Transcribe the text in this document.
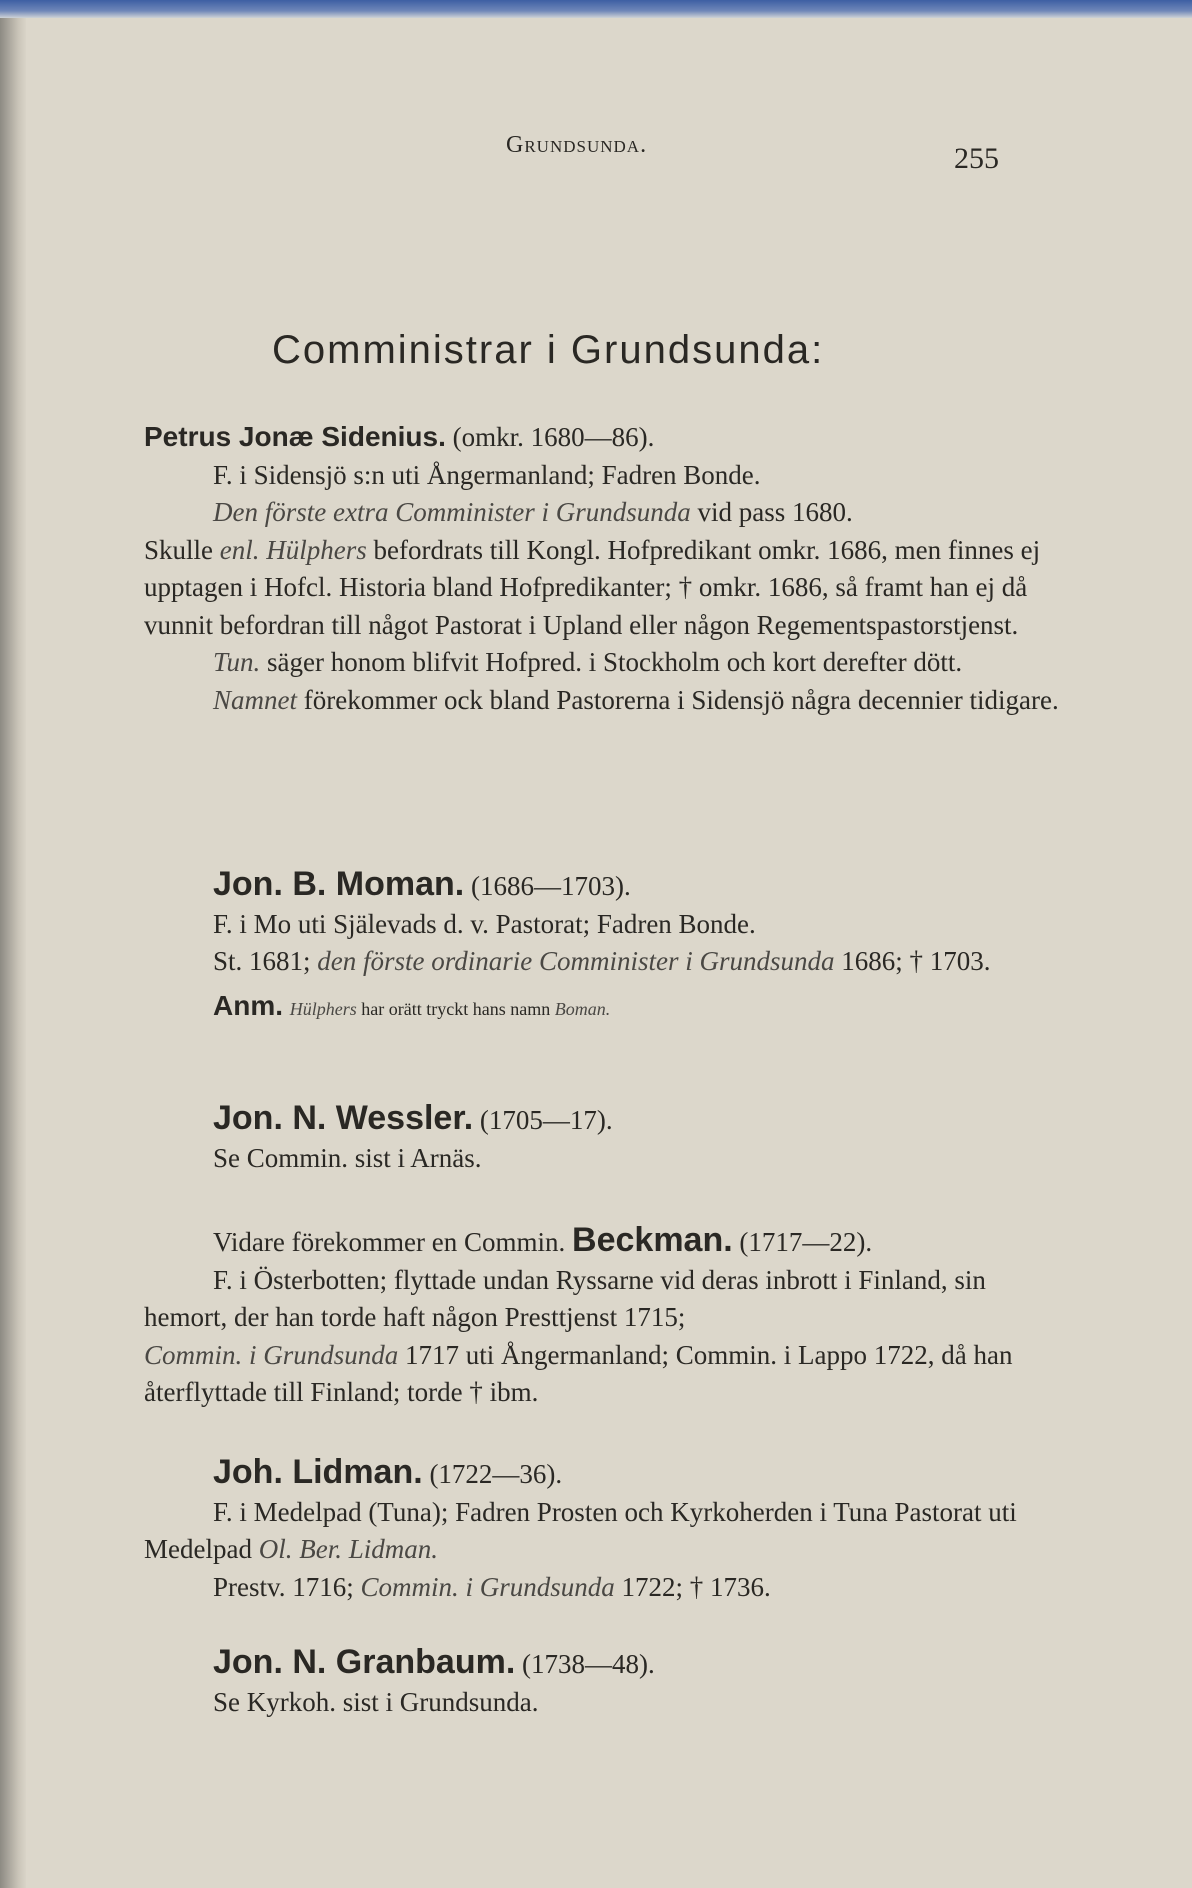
Grundsunda.	255
Comministrar i Grundsunda:

Petrus Jonæ Sidenius. (omkr. 1680—86).

F. i Sidensjö s:n uti Ångermanland; Fadren Bonde.

Den förste extra Comminister i Grundsunda vid pass 1680.

Skulle enl. Hülphers befordrats till Kongl. Hofpredikant omkr. 1686, men finnes ej upptagen i Hofcl. Historia bland Hofpredikanter; † omkr. 1686, så framt han ej då vunnit befordran till något Pastorat i Upland eller någon Regementspastorstjenst.

Tun. säger honom blifvit Hofpred. i Stockholm och kort derefter dött.

Namnet förekommer ock bland Pastorerna i Sidensjö några decennier tidigare.

Jon. B. Moman. (1686—1703).

F. i Mo uti Själevads d. v. Pastorat; Fadren Bonde.

St. 1681; den förste ordinarie Comminister i Grundsunda 1686; † 1703.

Anm. Hülphers har orätt tryckt hans namn Boman.

Jon. N. Wessler. (1705—17).

Se Commin. sist i Arnäs.

Vidare förekommer en Commin. Beckman. (1717—22).

F. i Österbotten; flyttade undan Ryssarne vid deras inbrott i Finland, sin hemort, der han torde haft någon Presttjenst 1715;

Commin. i Grundsunda 1717 uti Ångermanland; Commin. i Lappo 1722, då han återflyttade till Finland; torde † ibm.

Joh. Lidman. (1722—36).

F. i Medelpad (Tuna); Fadren Prosten och Kyrkoherden i Tuna Pastorat uti Medelpad Ol. Ber. Lidman.

Prestv. 1716; Commin. i Grundsunda 1722; † 1736.

Jon. N. Granbaum. (1738—48).

Se Kyrkoh. sist i Grundsunda.
